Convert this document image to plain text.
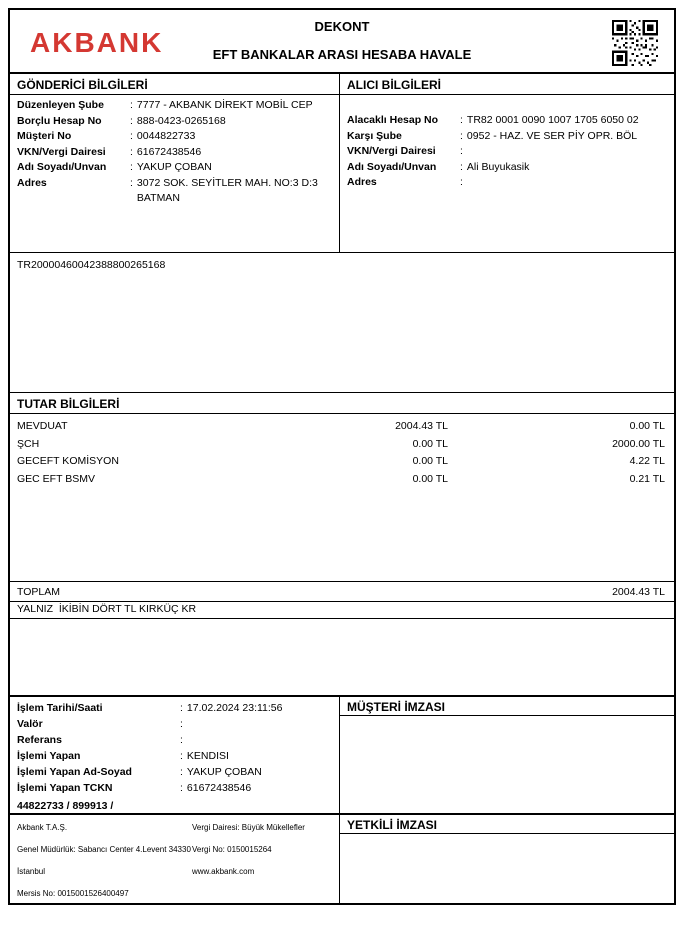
AKBANK
DEKONT
EFT BANKALAR ARASI HESABA HAVALE
GÖNDERİCİ BİLGİLERİ
Düzenleyen Şube	: 7777 - AKBANK DİREKT MOBİL CEP
Borçlu Hesap No	: 888-0423-0265168
Müşteri No	: 0044822733
VKN/Vergi Dairesi	: 61672438546
Adı Soyadı/Unvan	: YAKUP ÇOBAN
Adres	: 3072 SOK. SEYİTLER MAH. NO:3 D:3 BATMAN
ALICI BİLGİLERİ
Alacaklı Hesap No	: TR82 0001 0090 1007 1705 6050 02
Karşı Şube	: 0952 - HAZ. VE SER PİY OPR. BÖL
VKN/Vergi Dairesi	:
Adı Soyadı/Unvan	: Ali Buyukasik
Adres	:
TR20000460042388800265168
TUTAR BİLGİLERİ
MEVDUAT	2004.43 TL	0.00 TL
ŞCH	0.00 TL	2000.00 TL
GECEFT KOMİSYON	0.00 TL	4.22 TL
GEC EFT BSMV	0.00 TL	0.21 TL
TOPLAM	2004.43 TL
YALNIZ  İKİBİN DÖRT TL KIRKÜÇ KR
İşlem Tarihi/Saati	: 17.02.2024 23:11:56
Valör	:
Referans	:
İşlemi Yapan	: KENDISI
İşlemi Yapan Ad-Soyad	: YAKUP ÇOBAN
İşlemi Yapan TCKN	: 61672438546
44822733 / 899913 /
MÜŞTERİ İMZASI
Akbank T.A.Ş.
Genel Müdürlük: Sabancı Center 4.Levent 34330
İstanbul
Mersis No: 0015001526400497
Vergi Dairesi: Büyük Mükellefler
Vergi No: 0150015264
www.akbank.com
YETKİLİ İMZASI
